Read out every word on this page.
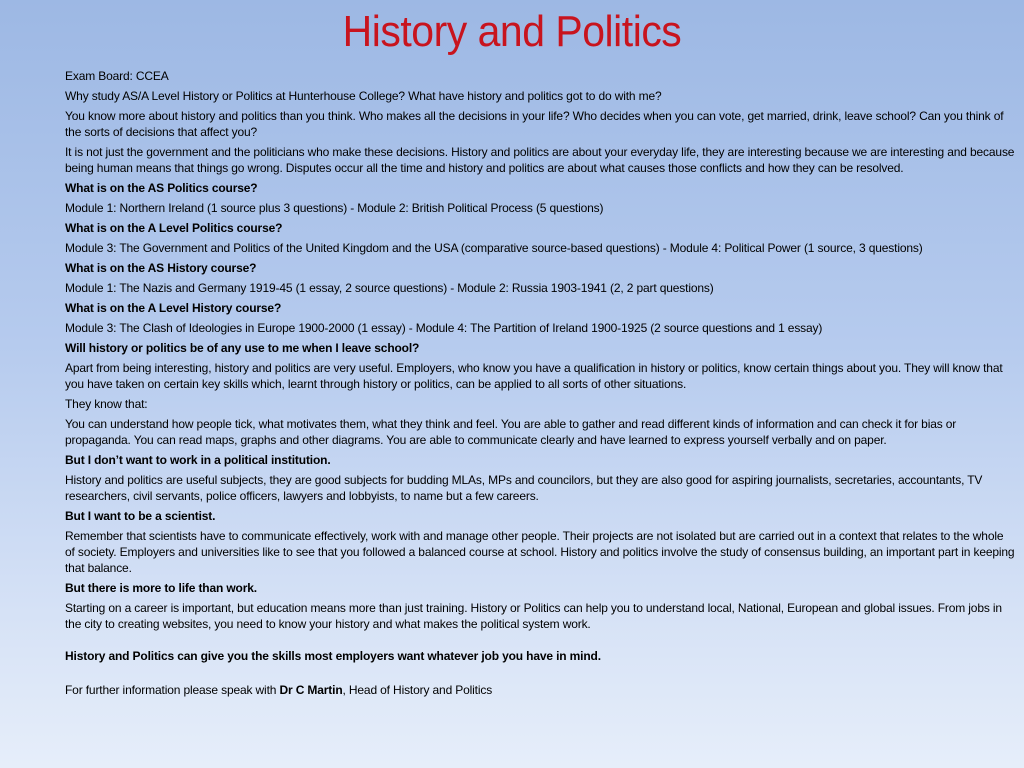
History and Politics

Exam Board: CCEA

Why study AS/A Level History or Politics at Hunterhouse College? What have history and politics got to do with me?

You know more about history and politics than you think. Who makes all the decisions in your life? Who decides when you can vote, get married, drink, leave school? Can you think of the sorts of decisions that affect you?

It is not just the government and the politicians who make these decisions. History and politics are about your everyday life, they are interesting because we are interesting and because being human means that things go wrong. Disputes occur all the time and history and politics are about what causes those conflicts and how they can be resolved.

What is on the AS Politics course?

Module 1: Northern Ireland (1 source plus 3 questions) - Module 2: British Political Process (5 questions)

What is on the A Level Politics course?

Module 3: The Government and Politics of the United Kingdom and the USA (comparative source-based questions) - Module 4: Political Power (1 source, 3 questions)

What is on the AS History course?

Module 1: The Nazis and Germany 1919-45 (1 essay, 2 source questions) - Module 2: Russia 1903-1941 (2, 2 part questions)

What is on the A Level History course?

Module 3: The Clash of Ideologies in Europe 1900-2000 (1 essay) - Module 4: The Partition of Ireland 1900-1925 (2 source questions and 1 essay)

Will history or politics be of any use to me when I leave school?

Apart from being interesting, history and politics are very useful. Employers, who know you have a qualification in history or politics, know certain things about you. They will know that you have taken on certain key skills which, learnt through history or politics, can be applied to all sorts of other situations.

They know that:

You can understand how people tick, what motivates them, what they think and feel. You are able to gather and read different kinds of information and can check it for bias or propaganda. You can read maps, graphs and other diagrams. You are able to communicate clearly and have learned to express yourself verbally and on paper.

But I don’t want to work in a political institution.

History and politics are useful subjects, they are good subjects for budding MLAs, MPs and councilors, but they are also good for aspiring journalists, secretaries, accountants, TV researchers, civil servants, police officers, lawyers and lobbyists, to name but a few careers.

But I want to be a scientist.

Remember that scientists have to communicate effectively, work with and manage other people. Their projects are not isolated but are carried out in a context that relates to the whole of society. Employers and universities like to see that you followed a balanced course at school. History and politics involve the study of consensus building, an important part in keeping that balance.

But there is more to life than work.

Starting on a career is important, but education means more than just training. History or Politics can help you to understand local, National, European and global issues. From jobs in the city to creating websites, you need to know your history and what makes the political system work.

History and Politics can give you the skills most employers want whatever job you have in mind.

For further information please speak with Dr C Martin, Head of History and Politics
